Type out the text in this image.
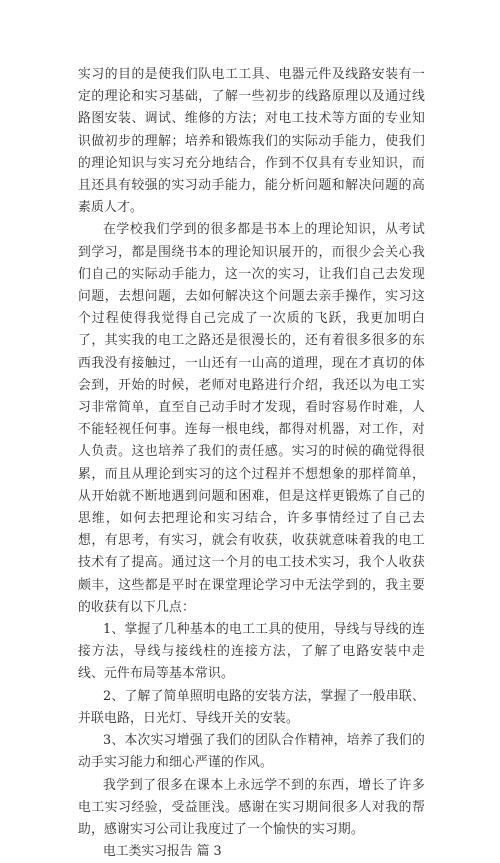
实习的目的是使我们队电工工具、电器元件及线路安装有一定的理论和实习基础，了解一些初步的线路原理以及通过线路图安装、调试、维修的方法；对电工技术等方面的专业知识做初步的理解；培养和锻炼我们的实际动手能力，使我们的理论知识与实习充分地结合，作到不仅具有专业知识，而且还具有较强的实习动手能力，能分析问题和解决问题的高素质人才。

在学校我们学到的很多都是书本上的理论知识，从考试到学习，都是围绕书本的理论知识展开的，而很少会关心我们自己的实际动手能力，这一次的实习，让我们自己去发现问题，去想问题，去如何解决这个问题去亲手操作，实习这个过程使得我觉得自己完成了一次质的飞跃，我更加明白了，其实我的电工之路还是很漫长的，还有着很多很多的东西我没有接触过，一山还有一山高的道理，现在才真切的体会到，开始的时候，老师对电路进行介绍，我还以为电工实习非常简单，直至自己动手时才发现，看时容易作时难，人不能轻视任何事。连每一根电线，都得对机器，对工作，对人负责。这也培养了我们的责任感。实习的时候的确觉得很累，而且从理论到实习的这个过程并不想想象的那样简单，从开始就不断地遇到问题和困难，但是这样更锻炼了自己的思维，如何去把理论和实习结合，许多事情经过了自己去想，有思考，有实习，就会有收获，收获就意味着我的电工技术有了提高。通过这一个月的电工技术实习，我个人收获颇丰，这些都是平时在课堂理论学习中无法学到的，我主要的收获有以下几点：

1、掌握了几种基本的电工工具的使用，导线与导线的连接方法，导线与接线柱的连接方法，了解了电路安装中走线、元件布局等基本常识。

2、了解了简单照明电路的安装方法，掌握了一般串联、并联电路，日光灯、导线开关的安装。

3、本次实习增强了我们的团队合作精神，培养了我们的动手实习能力和细心严谨的作风。

我学到了很多在课本上永远学不到的东西，增长了许多电工实习经验，受益匪浅。感谢在实习期间很多人对我的帮助，感谢实习公司让我度过了一个愉快的实习期。

电工类实习报告 篇 3
